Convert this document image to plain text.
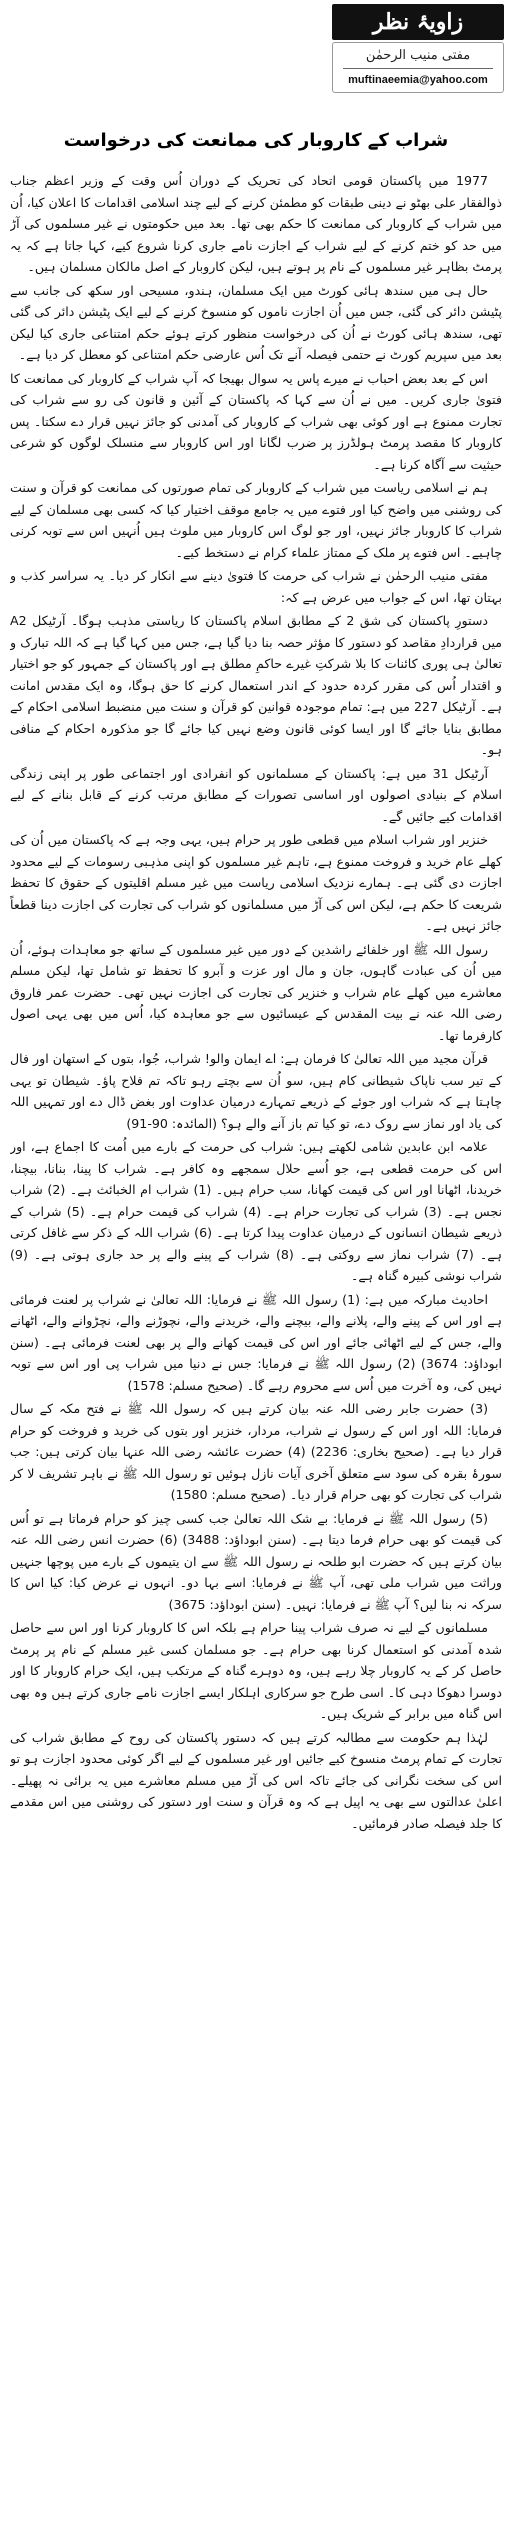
زاویۂ نظر
مفتی منیب الرحمٰن
muftinaeemia@yahoo.com
شراب کے کاروبار کی ممانعت کی درخواست

1977 میں پاکستان قومی اتحاد کی تحریک کے دوران اُس وقت کے وزیر اعظم جناب ذوالفقار علی بھٹو نے دینی طبقات کو مطمئن کرنے کے لیے چند اسلامی اقدامات کا اعلان کیا، اُن میں شراب کے کاروبار کی ممانعت کا حکم بھی تھا۔ بعد میں حکومتوں نے غیر مسلموں کی آڑ میں حد کو ختم کرنے کے لیے شراب کے اجازت نامے جاری کرنا شروع کیے، کہا جاتا ہے کہ یہ پرمٹ بظاہر غیر مسلموں کے نام پر ہوتے ہیں، لیکن کاروبار کے اصل مالکان مسلمان ہیں۔

حال ہی میں سندھ ہائی کورٹ میں ایک مسلمان، ہندو، مسیحی اور سکھ کی جانب سے پٹیشن دائر کی گئی، جس میں اُن اجازت ناموں کو منسوخ کرنے کے لیے ایک پٹیشن دائر کی گئی تھی، سندھ ہائی کورٹ نے اُن کی درخواست منظور کرتے ہوئے حکم امتناعی جاری کیا لیکن بعد میں سپریم کورٹ نے حتمی فیصلہ آنے تک اُس عارضی حکم امتناعی کو معطل کر دیا ہے۔

اس کے بعد بعض احباب نے میرے پاس یہ سوال بھیجا کہ آپ شراب کے کاروبار کی ممانعت کا فتویٰ جاری کریں۔ میں نے اُن سے کہا کہ پاکستان کے آئین و قانون کی رو سے شراب کی تجارت ممنوع ہے اور کوئی بھی شراب کے کاروبار کی آمدنی کو جائز نہیں قرار دے سکتا۔ پس کاروبار کا مقصد پرمٹ ہولڈرز پر ضرب لگانا اور اس کاروبار سے منسلک لوگوں کو شرعی حیثیت سے آگاہ کرنا ہے۔

ہم نے اسلامی ریاست میں شراب کے کاروبار کی تمام صورتوں کی ممانعت کو قرآن و سنت کی روشنی میں واضح کیا اور فتوے میں یہ جامع موقف اختیار کیا کہ کسی بھی مسلمان کے لیے شراب کا کاروبار جائز نہیں، اور جو لوگ اس کاروبار میں ملوث ہیں اُنہیں اس سے توبہ کرنی چاہیے۔ اس فتوے پر ملک کے ممتاز علماء کرام نے دستخط کیے۔

مفتی منیب الرحمٰن نے شراب کی حرمت کا فتویٰ دینے سے انکار کر دیا۔ یہ سراسر کذب و بہتان تھا، اس کے جواب میں عرض ہے کہ:

دستورِ پاکستان کی شق 2 کے مطابق اسلام پاکستان کا ریاستی مذہب ہوگا۔ آرٹیکل A2 میں قراردادِ مقاصد کو دستور کا مؤثر حصہ بنا دیا گیا ہے، جس میں کہا گیا ہے کہ اللہ تبارک و تعالیٰ ہی پوری کائنات کا بلا شرکتِ غیرے حاکمِ مطلق ہے اور پاکستان کے جمہور کو جو اختیار و اقتدار اُس کی مقرر کردہ حدود کے اندر استعمال کرنے کا حق ہوگا، وہ ایک مقدس امانت ہے۔ آرٹیکل 227 میں ہے: تمام موجودہ قوانین کو قرآن و سنت میں منضبط اسلامی احکام کے مطابق بنایا جائے گا اور ایسا کوئی قانون وضع نہیں کیا جائے گا جو مذکورہ احکام کے منافی ہو۔

آرٹیکل 31 میں ہے: پاکستان کے مسلمانوں کو انفرادی اور اجتماعی طور پر اپنی زندگی اسلام کے بنیادی اصولوں اور اساسی تصورات کے مطابق مرتب کرنے کے قابل بنانے کے لیے اقدامات کیے جائیں گے۔

خنزیر اور شراب اسلام میں قطعی طور پر حرام ہیں، یہی وجہ ہے کہ پاکستان میں اُن کی کھلے عام خرید و فروخت ممنوع ہے، تاہم غیر مسلموں کو اپنی مذہبی رسومات کے لیے محدود اجازت دی گئی ہے۔ ہمارے نزدیک اسلامی ریاست میں غیر مسلم اقلیتوں کے حقوق کا تحفظ شریعت کا حکم ہے، لیکن اس کی آڑ میں مسلمانوں کو شراب کی تجارت کی اجازت دینا قطعاً جائز نہیں ہے۔

رسول اللہ ﷺ اور خلفائے راشدین کے دور میں غیر مسلموں کے ساتھ جو معاہدات ہوئے، اُن میں اُن کی عبادت گاہوں، جان و مال اور عزت و آبرو کا تحفظ تو شامل تھا، لیکن مسلم معاشرے میں کھلے عام شراب و خنزیر کی تجارت کی اجازت نہیں تھی۔ حضرت عمر فاروق رضی اللہ عنہ نے بیت المقدس کے عیسائیوں سے جو معاہدہ کیا، اُس میں بھی یہی اصول کارفرما تھا۔

قرآن مجید میں اللہ تعالیٰ کا فرمان ہے: اے ایمان والو! شراب، جُوا، بتوں کے استھان اور فال کے تیر سب ناپاک شیطانی کام ہیں، سو اُن سے بچتے رہو تاکہ تم فلاح پاؤ۔ شیطان تو یہی چاہتا ہے کہ شراب اور جوئے کے ذریعے تمہارے درمیان عداوت اور بغض ڈال دے اور تمہیں اللہ کی یاد اور نماز سے روک دے، تو کیا تم باز آنے والے ہو؟ (المائدہ: 90-91)

علامہ ابن عابدین شامی لکھتے ہیں: شراب کی حرمت کے بارے میں اُمت کا اجماع ہے، اور اس کی حرمت قطعی ہے، جو اُسے حلال سمجھے وہ کافر ہے۔ شراب کا پینا، بنانا، بیچنا، خریدنا، اٹھانا اور اس کی قیمت کھانا، سب حرام ہیں۔ (1) شراب ام الخبائث ہے۔ (2) شراب نجس ہے۔ (3) شراب کی تجارت حرام ہے۔ (4) شراب کی قیمت حرام ہے۔ (5) شراب کے ذریعے شیطان انسانوں کے درمیان عداوت پیدا کرتا ہے۔ (6) شراب اللہ کے ذکر سے غافل کرتی ہے۔ (7) شراب نماز سے روکتی ہے۔ (8) شراب کے پینے والے پر حد جاری ہوتی ہے۔ (9) شراب نوشی کبیرہ گناہ ہے۔

احادیث مبارکہ میں ہے: (1) رسول اللہ ﷺ نے فرمایا: اللہ تعالیٰ نے شراب پر لعنت فرمائی ہے اور اس کے پینے والے، پلانے والے، بیچنے والے، خریدنے والے، نچوڑنے والے، نچڑوانے والے، اٹھانے والے، جس کے لیے اٹھائی جائے اور اس کی قیمت کھانے والے پر بھی لعنت فرمائی ہے۔ (سنن ابوداؤد: 3674) (2) رسول اللہ ﷺ نے فرمایا: جس نے دنیا میں شراب پی اور اس سے توبہ نہیں کی، وہ آخرت میں اُس سے محروم رہے گا۔ (صحیح مسلم: 1578)

(3) حضرت جابر رضی اللہ عنہ بیان کرتے ہیں کہ رسول اللہ ﷺ نے فتح مکہ کے سال فرمایا: اللہ اور اس کے رسول نے شراب، مردار، خنزیر اور بتوں کی خرید و فروخت کو حرام قرار دیا ہے۔ (صحیح بخاری: 2236) (4) حضرت عائشہ رضی اللہ عنہا بیان کرتی ہیں: جب سورۂ بقرہ کی سود سے متعلق آخری آیات نازل ہوئیں تو رسول اللہ ﷺ نے باہر تشریف لا کر شراب کی تجارت کو بھی حرام قرار دیا۔ (صحیح مسلم: 1580)

(5) رسول اللہ ﷺ نے فرمایا: بے شک اللہ تعالیٰ جب کسی چیز کو حرام فرماتا ہے تو اُس کی قیمت کو بھی حرام فرما دیتا ہے۔ (سنن ابوداؤد: 3488) (6) حضرت انس رضی اللہ عنہ بیان کرتے ہیں کہ حضرت ابو طلحہ نے رسول اللہ ﷺ سے ان یتیموں کے بارے میں پوچھا جنہیں وراثت میں شراب ملی تھی، آپ ﷺ نے فرمایا: اسے بہا دو۔ انہوں نے عرض کیا: کیا اس کا سرکہ نہ بنا لیں؟ آپ ﷺ نے فرمایا: نہیں۔ (سنن ابوداؤد: 3675)

مسلمانوں کے لیے نہ صرف شراب پینا حرام ہے بلکہ اس کا کاروبار کرنا اور اس سے حاصل شدہ آمدنی کو استعمال کرنا بھی حرام ہے۔ جو مسلمان کسی غیر مسلم کے نام پر پرمٹ حاصل کر کے یہ کاروبار چلا رہے ہیں، وہ دوہرے گناہ کے مرتکب ہیں، ایک حرام کاروبار کا اور دوسرا دھوکا دہی کا۔ اسی طرح جو سرکاری اہلکار ایسے اجازت نامے جاری کرتے ہیں وہ بھی اس گناہ میں برابر کے شریک ہیں۔

لہٰذا ہم حکومت سے مطالبہ کرتے ہیں کہ دستور پاکستان کی روح کے مطابق شراب کی تجارت کے تمام پرمٹ منسوخ کیے جائیں اور غیر مسلموں کے لیے اگر کوئی محدود اجازت ہو تو اس کی سخت نگرانی کی جائے تاکہ اس کی آڑ میں مسلم معاشرے میں یہ برائی نہ پھیلے۔ اعلیٰ عدالتوں سے بھی یہ اپیل ہے کہ وہ قرآن و سنت اور دستور کی روشنی میں اس مقدمے کا جلد فیصلہ صادر فرمائیں۔
